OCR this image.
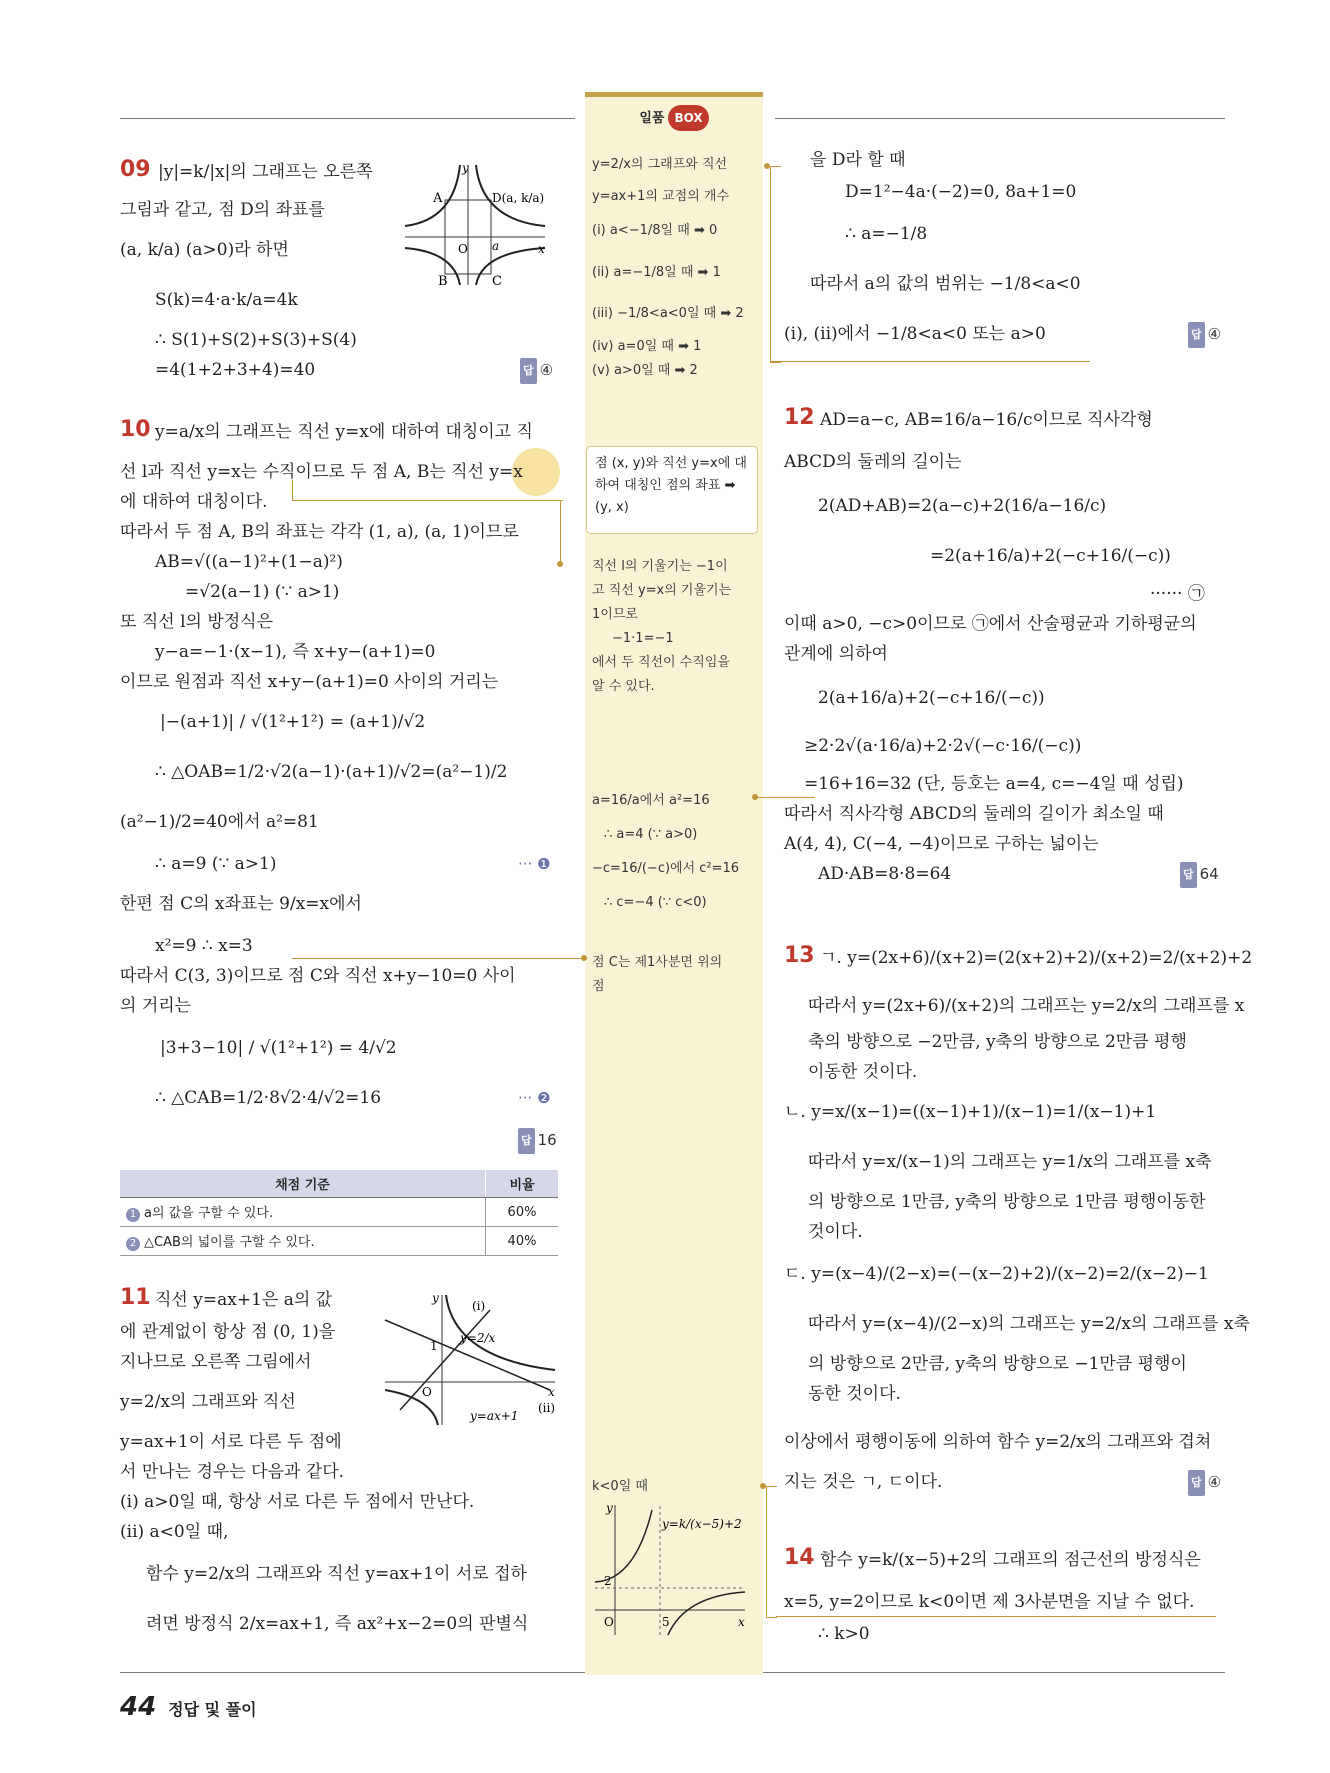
일품 BOX
y=2/x의 그래프와 직선
y=ax+1의 교점의 개수
(i) a<−1/8일 때 ➡ 0
(ii) a=−1/8일 때 ➡ 1
(iii) −1/8<a<0일 때 ➡ 2
(iv) a=0일 때 ➡ 1
(v) a>0일 때 ➡ 2
점 (x, y)와 직선 y=x에 대하여 대칭인 점의 좌표 ➡ (y, x)
직선 l의 기울기는 −1이
고 직선 y=x의 기울기는
1이므로
−1·1=−1
에서 두 직선이 수직임을
알 수 있다.
a=16/a에서 a²=16
∴ a=4 (∵ a>0)
−c=16/(−c)에서 c²=16
∴ c=−4 (∵ c<0)
점 C는 제1사분면 위의
점
k<0일 때
y
x
O
2
5
y=k/(x−5)+2
09 |y|=k/|x|의 그래프는 오른쪽
그림과 같고, 점 D의 좌표를
(a, k/a) (a>0)라 하면
S(k)=4·a·k/a=4k
∴ S(1)+S(2)+S(3)+S(4)
=4(1+2+3+4)=40	답 ④
y
x
O a
A
B	C
D(a, k/a)
10 y=a/x의 그래프는 직선 y=x에 대하여 대칭이고 직
선 l과 직선 y=x는 수직이므로 두 점 A, B는 직선 y=x
에 대하여 대칭이다.
따라서 두 점 A, B의 좌표는 각각 (1, a), (a, 1)이므로
AB=√((a−1)²+(1−a)²)
=√2(a−1) (∵ a>1)
또 직선 l의 방정식은
y−a=−1·(x−1), 즉 x+y−(a+1)=0
이므로 원점과 직선 x+y−(a+1)=0 사이의 거리는
|−(a+1)| / √(1²+1²) = (a+1)/√2
∴ △OAB=1/2·√2(a−1)·(a+1)/√2=(a²−1)/2
(a²−1)/2=40에서 a²=81
∴ a=9 (∵ a>1)	··· ❶
한편 점 C의 x좌표는 9/x=x에서
x²=9 ∴ x=3
따라서 C(3, 3)이므로 점 C와 직선 x+y−10=0 사이
의 거리는
|3+3−10| / √(1²+1²) = 4/√2
∴ △CAB=1/2·8√2·4/√2=16	··· ❷
답 16
채점 기준	비율
1 a의 값을 구할 수 있다.	60%
2 △CAB의 넓이를 구할 수 있다.	40%
11 직선 y=ax+1은 a의 값
에 관계없이 항상 점 (0, 1)을
지나므로 오른쪽 그림에서
y=2/x의 그래프와 직선
y=ax+1이 서로 다른 두 점에
서 만나는 경우는 다음과 같다.
(i) a>0일 때, 항상 서로 다른 두 점에서 만난다.
(ii) a<0일 때,
함수 y=2/x의 그래프와 직선 y=ax+1이 서로 접하
려면 방정식 2/x=ax+1, 즉 ax²+x−2=0의 판별식
y
x
O
1
(i)
(ii)
y=2/x
y=ax+1
을 D라 할 때
D=1²−4a·(−2)=0, 8a+1=0
∴ a=−1/8
따라서 a의 값의 범위는 −1/8<a<0
(i), (ii)에서 −1/8<a<0 또는 a>0	답 ④
12 AD=a−c, AB=16/a−16/c이므로 직사각형
ABCD의 둘레의 길이는
2(AD+AB)=2(a−c)+2(16/a−16/c)
=2(a+16/a)+2(−c+16/(−c))
······ ㉠
이때 a>0, −c>0이므로 ㉠에서 산술평균과 기하평균의
관계에 의하여
2(a+16/a)+2(−c+16/(−c))
≥2·2√(a·16/a)+2·2√(−c·16/(−c))
=16+16=32 (단, 등호는 a=4, c=−4일 때 성립)
따라서 직사각형 ABCD의 둘레의 길이가 최소일 때
A(4, 4), C(−4, −4)이므로 구하는 넓이는
AD·AB=8·8=64	답 64
13 ㄱ. y=(2x+6)/(x+2)=(2(x+2)+2)/(x+2)=2/(x+2)+2
따라서 y=(2x+6)/(x+2)의 그래프는 y=2/x의 그래프를 x
축의 방향으로 −2만큼, y축의 방향으로 2만큼 평행
이동한 것이다.
ㄴ. y=x/(x−1)=((x−1)+1)/(x−1)=1/(x−1)+1
따라서 y=x/(x−1)의 그래프는 y=1/x의 그래프를 x축
의 방향으로 1만큼, y축의 방향으로 1만큼 평행이동한
것이다.
ㄷ. y=(x−4)/(2−x)=(−(x−2)+2)/(x−2)=2/(x−2)−1
따라서 y=(x−4)/(2−x)의 그래프는 y=2/x의 그래프를 x축
의 방향으로 2만큼, y축의 방향으로 −1만큼 평행이
동한 것이다.
이상에서 평행이동에 의하여 함수 y=2/x의 그래프와 겹쳐
지는 것은 ㄱ, ㄷ이다.	답 ④
14 함수 y=k/(x−5)+2의 그래프의 점근선의 방정식은
x=5, y=2이므로 k<0이면 제 3사분면을 지날 수 없다.
∴ k>0
44 정답 및 풀이
